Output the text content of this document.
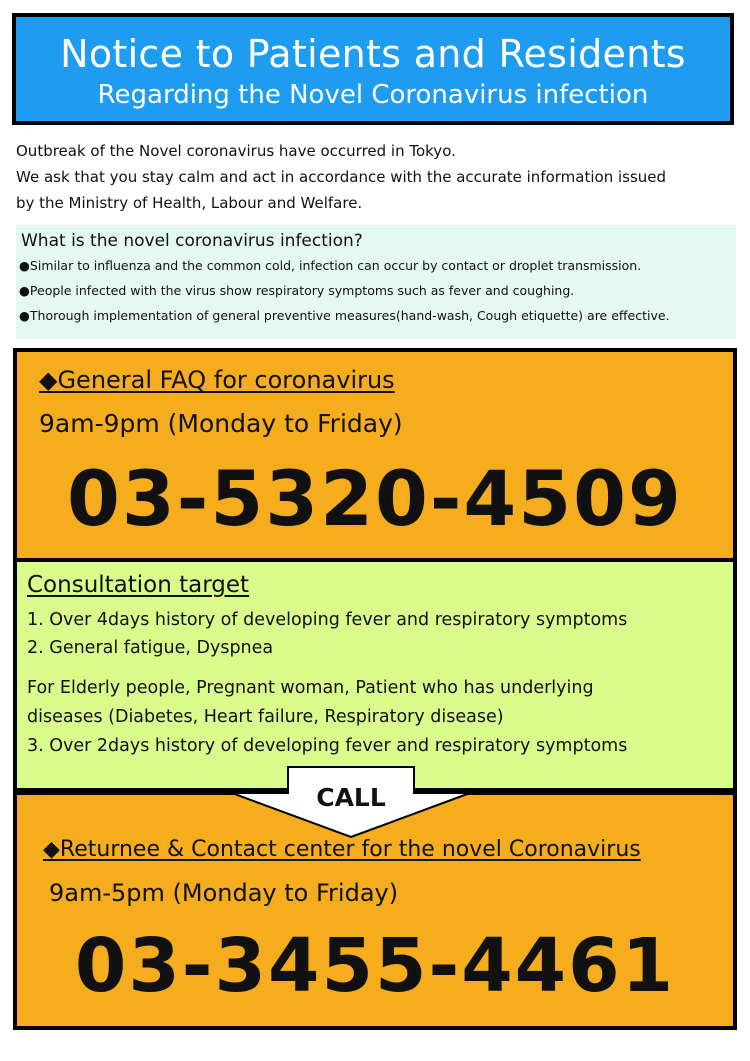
Notice to Patients and Residents
Regarding the Novel Coronavirus infection
Outbreak of the Novel coronavirus have occurred in Tokyo.
We ask that you stay calm and act in accordance with the accurate information issued
by the Ministry of Health, Labour and Welfare.
What is the novel coronavirus infection?
●Similar to influenza and the common cold, infection can occur by contact or droplet transmission.
●People infected with the virus show respiratory symptoms such as fever and coughing.
●Thorough implementation of general preventive measures(hand-wash, Cough etiquette) are effective.
◆General FAQ for coronavirus
9am-9pm (Monday to Friday)
03-5320-4509
Consultation target
1. Over 4days history of developing fever and respiratory symptoms
2. General fatigue, Dyspnea
For Elderly people, Pregnant woman, Patient who has underlying
diseases (Diabetes, Heart failure, Respiratory disease)
3. Over 2days history of developing fever and respiratory symptoms
◆Returnee & Contact center for the novel Coronavirus
9am-5pm (Monday to Friday)
03-3455-4461
CALL
